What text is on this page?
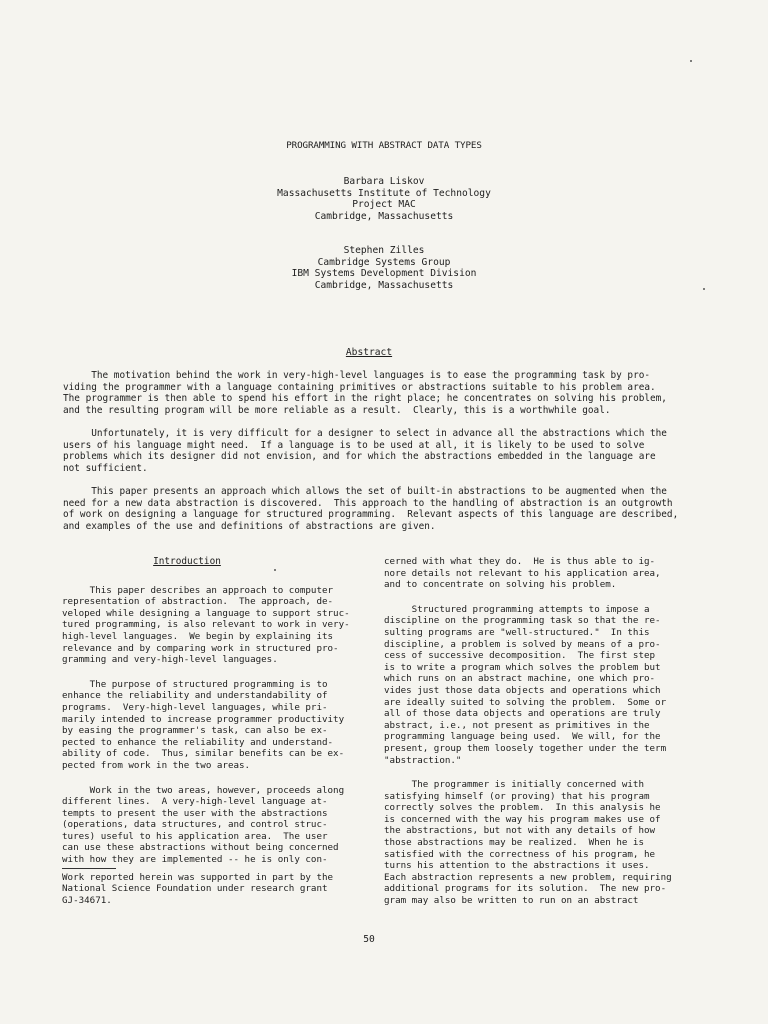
PROGRAMMING WITH ABSTRACT DATA TYPES
Barbara Liskov
Massachusetts Institute of Technology
Project MAC
Cambridge, Massachusetts
Stephen Zilles
Cambridge Systems Group
IBM Systems Development Division
Cambridge, Massachusetts
Abstract
The motivation behind the work in very-high-level languages is to ease the programming task by pro-
viding the programmer with a language containing primitives or abstractions suitable to his problem area.
The programmer is then able to spend his effort in the right place; he concentrates on solving his problem,
and the resulting program will be more reliable as a result.  Clearly, this is a worthwhile goal.
Unfortunately, it is very difficult for a designer to select in advance all the abstractions which the
users of his language might need.  If a language is to be used at all, it is likely to be used to solve
problems which its designer did not envision, and for which the abstractions embedded in the language are
not sufficient.
This paper presents an approach which allows the set of built-in abstractions to be augmented when the
need for a new data abstraction is discovered.  This approach to the handling of abstraction is an outgrowth
of work on designing a language for structured programming.  Relevant aspects of this language are described,
and examples of the use and definitions of abstractions are given.
Introduction
This paper describes an approach to computer
representation of abstraction.  The approach, de-
veloped while designing a language to support struc-
tured programming, is also relevant to work in very-
high-level languages.  We begin by explaining its
relevance and by comparing work in structured pro-
gramming and very-high-level languages.
The purpose of structured programming is to
enhance the reliability and understandability of
programs.  Very-high-level languages, while pri-
marily intended to increase programmer productivity
by easing the programmer's task, can also be ex-
pected to enhance the reliability and understand-
ability of code.  Thus, similar benefits can be ex-
pected from work in the two areas.
Work in the two areas, however, proceeds along
different lines.  A very-high-level language at-
tempts to present the user with the abstractions
(operations, data structures, and control struc-
tures) useful to his application area.  The user
can use these abstractions without being concerned
with how they are implemented -- he is only con-
Work reported herein was supported in part by the
National Science Foundation under research grant
GJ-34671.
cerned with what they do.  He is thus able to ig-
nore details not relevant to his application area,
and to concentrate on solving his problem.
Structured programming attempts to impose a
discipline on the programming task so that the re-
sulting programs are "well-structured."  In this
discipline, a problem is solved by means of a pro-
cess of successive decomposition.  The first step
is to write a program which solves the problem but
which runs on an abstract machine, one which pro-
vides just those data objects and operations which
are ideally suited to solving the problem.  Some or
all of those data objects and operations are truly
abstract, i.e., not present as primitives in the
programming language being used.  We will, for the
present, group them loosely together under the term
"abstraction."
The programmer is initially concerned with
satisfying himself (or proving) that his program
correctly solves the problem.  In this analysis he
is concerned with the way his program makes use of
the abstractions, but not with any details of how
those abstractions may be realized.  When he is
satisfied with the correctness of his program, he
turns his attention to the abstractions it uses.
Each abstraction represents a new problem, requiring
additional programs for its solution.  The new pro-
gram may also be written to run on an abstract
50
